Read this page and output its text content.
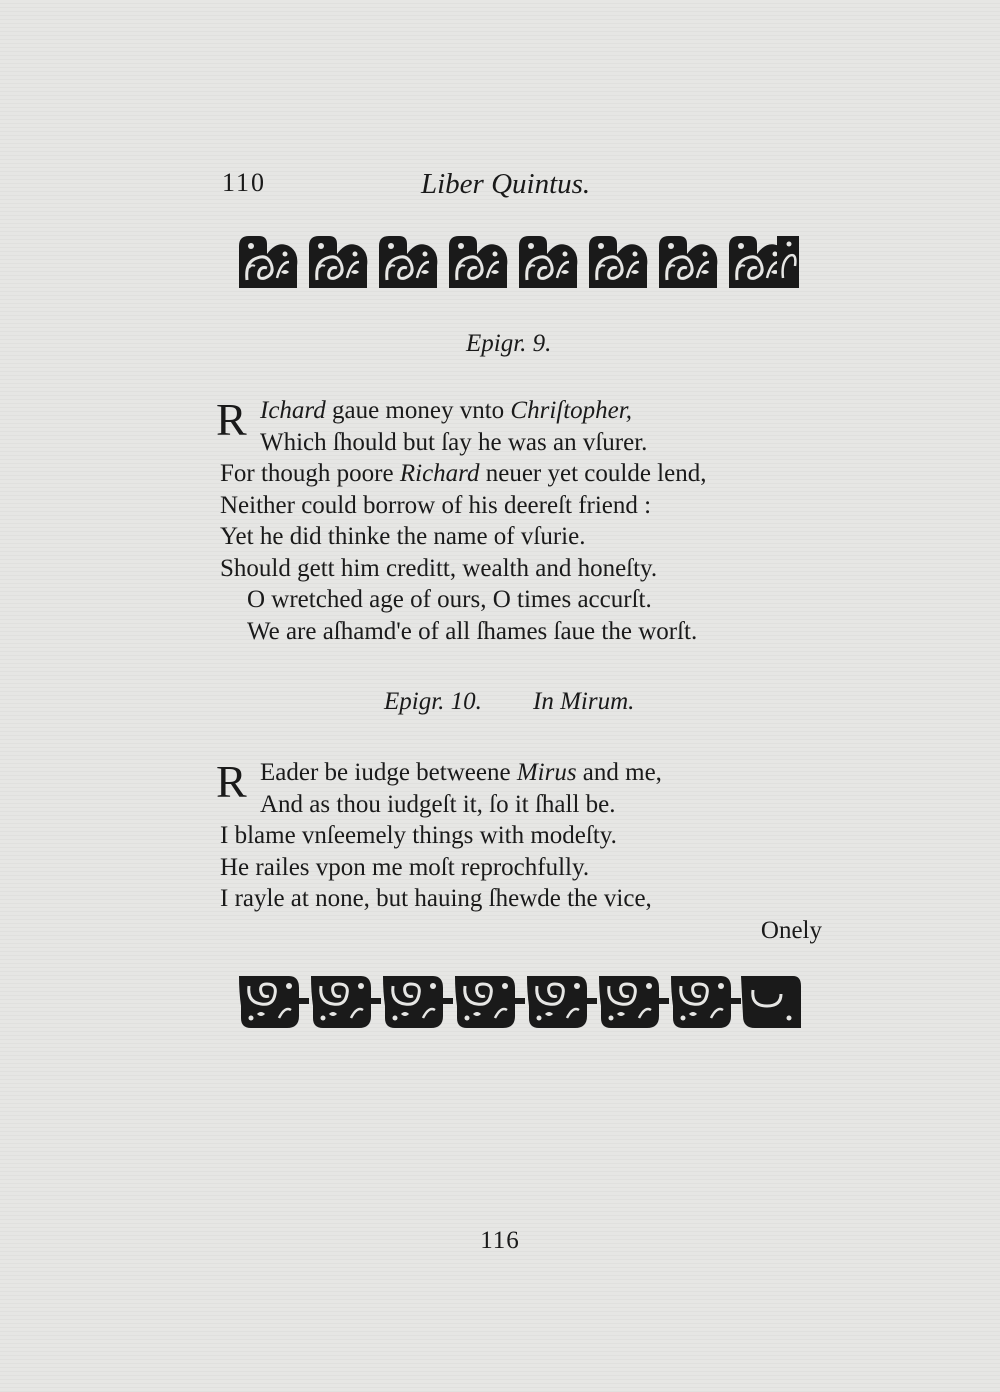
110	Liber Quintus.
Epigr. 9.
R Ichard gaue money vnto Chriſtopher,
Which ſhould but ſay he was an vſurer.
For though poore Richard neuer yet coulde lend,
Neither could borrow of his deereſt friend :
Yet he did thinke the name of vſurie.
Should gett him creditt, wealth and honeſty.
O wretched age of ours, O times accurſt.
We are aſhamd'e of all ſhames ſaue the worſt.
Epigr. 10. In Mirum.
R Eader be iudge betweene Mirus and me,
And as thou iudgeſt it, ſo it ſhall be.
I blame vnſeemely things with modeſty.
He railes vpon me moſt reprochfully.
I rayle at none, but hauing ſhewde the vice,
Onely
116
